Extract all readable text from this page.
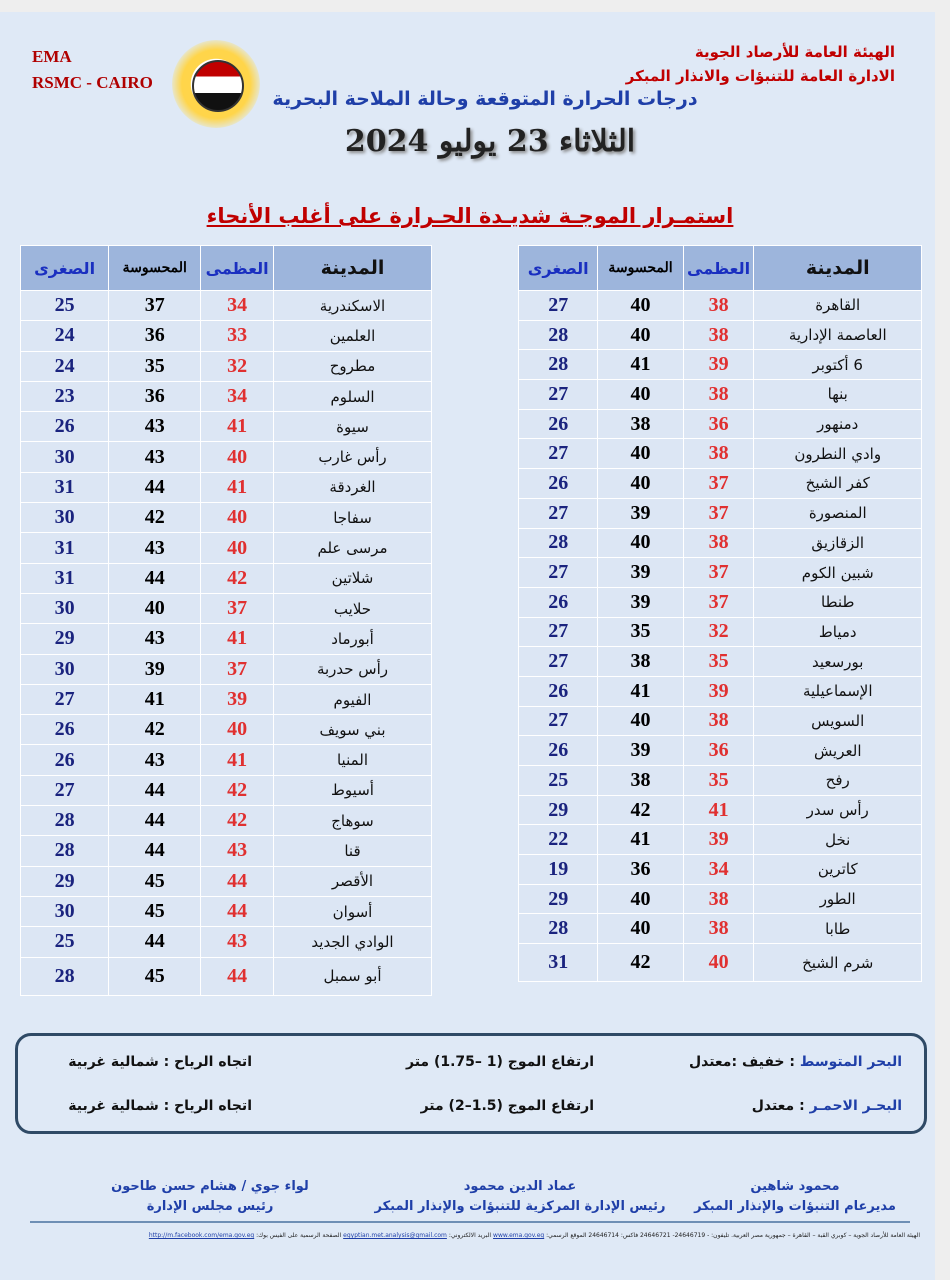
EMA
RSMC - CAIRO
الهيئة العامة للأرصاد الجوية
الادارة العامة للتنبؤات والانذار المبكر
درجات الحرارة المتوقعة وحالة الملاحة البحرية
الثلاثاء 23 يوليو 2024
استمـرار الموجـة شديـدة الحـرارة على أغلب الأنحاء
المدينة	العظمى	المحسوسة	الصغرى
القاهرة	38	40	27
العاصمة الإدارية	38	40	28
6 أكتوبر	39	41	28
بنها	38	40	27
دمنهور	36	38	26
وادي النطرون	38	40	27
كفر الشيخ	37	40	26
المنصورة	37	39	27
الزقازيق	38	40	28
شبين الكوم	37	39	27
طنطا	37	39	26
دمياط	32	35	27
بورسعيد	35	38	27
الإسماعيلية	39	41	26
السويس	38	40	27
العريش	36	39	26
رفح	35	38	25
رأس سدر	41	42	29
نخل	39	41	22
كاترين	34	36	19
الطور	38	40	29
طابا	38	40	28
شرم الشيخ	40	42	31
المدينة	العظمى	المحسوسة	الصغرى
الاسكندرية	34	37	25
العلمين	33	36	24
مطروح	32	35	24
السلوم	34	36	23
سيوة	41	43	26
رأس غارب	40	43	30
الغردقة	41	44	31
سفاجا	40	42	30
مرسى علم	40	43	31
شلاتين	42	44	31
حلايب	37	40	30
أبورماد	41	43	29
رأس حدربة	37	39	30
الفيوم	39	41	27
بني سويف	40	42	26
المنيا	41	43	26
أسيوط	42	44	27
سوهاج	42	44	28
قنا	43	44	28
الأقصر	44	45	29
أسوان	44	45	30
الوادي الجديد	43	44	25
أبو سمبل	44	45	28
البحر المتوسط : خفيف :معتدل
ارتفاع الموج (1 –1.75) متر
اتجاه الرياح : شمالية غربية
البحـر الاحمـر : معتدل
ارتفاع الموج (1.5–2) متر
اتجاه الرياح : شمالية غربية
محمود شاهين
مديرعام التنبؤات والإنذار المبكر
عماد الدين محمود
رئيس الإدارة المركزية للتنبؤات والإنذار المبكر
لواء جوي / هشام حسن طاحون
رئيس مجلس الإدارة
الهيئة العامة للأرصاد الجوية – كوبري القبة – القاهرة – جمهورية مصر العربية. تليفون: - 24646719- 24646721 فاكس: 24646714 الموقع الرسمي: www.ema.gov.eg البريد الالكتروني: egyptian.met.analysis@gmail.com الصفحة الرسمية على الفيس بوك: http://m.facebook.com/ema.gov.eg
